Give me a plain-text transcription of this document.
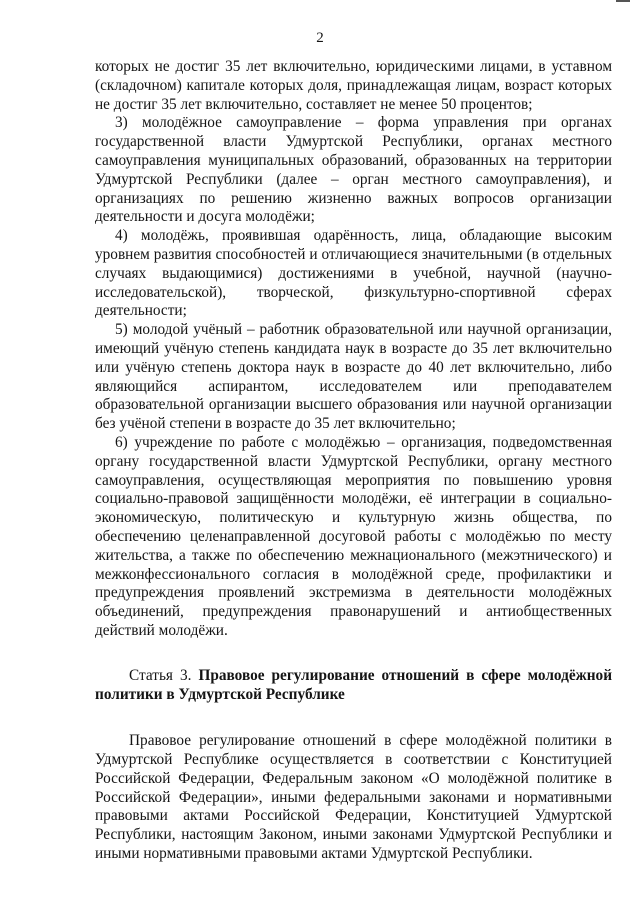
2

которых не достиг 35 лет включительно, юридическими лицами, в уставном (складочном) капитале которых доля, принадлежащая лицам, возраст которых не достиг 35 лет включительно, составляет не менее 50 процентов;

3) молодёжное самоуправление – форма управления при органах государственной власти Удмуртской Республики, органах местного самоуправления муниципальных образований, образованных на территории Удмуртской Республики (далее – орган местного самоуправления), и организациях по решению жизненно важных вопросов организации деятельности и досуга молодёжи;

4) молодёжь, проявившая одарённость, лица, обладающие высоким уровнем развития способностей и отличающиеся значительными (в отдельных случаях выдающимися) достижениями в учебной, научной (научно-исследовательской), творческой, физкультурно-спортивной сферах деятельности;

5) молодой учёный – работник образовательной или научной организации, имеющий учёную степень кандидата наук в возрасте до 35 лет включительно или учёную степень доктора наук в возрасте до 40 лет включительно, либо являющийся аспирантом, исследователем или преподавателем образовательной организации высшего образования или научной организации без учёной степени в возрасте до 35 лет включительно;

6) учреждение по работе с молодёжью – организация, подведомственная органу государственной власти Удмуртской Республики, органу местного самоуправления, осуществляющая мероприятия по повышению уровня социально-правовой защищённости молодёжи, её интеграции в социально-экономическую, политическую и культурную жизнь общества, по обеспечению целенаправленной досуговой работы с молодёжью по месту жительства, а также по обеспечению межнационального (межэтнического) и межконфессионального согласия в молодёжной среде, профилактики и предупреждения проявлений экстремизма в деятельности молодёжных объединений, предупреждения правонарушений и антиобщественных действий молодёжи.

Статья 3. Правовое регулирование отношений в сфере молодёжной политики в Удмуртской Республике

Правовое регулирование отношений в сфере молодёжной политики в Удмуртской Республике осуществляется в соответствии с Конституцией Российской Федерации, Федеральным законом «О молодёжной политике в Российской Федерации», иными федеральными законами и нормативными правовыми актами Российской Федерации, Конституцией Удмуртской Республики, настоящим Законом, иными законами Удмуртской Республики и иными нормативными правовыми актами Удмуртской Республики.
